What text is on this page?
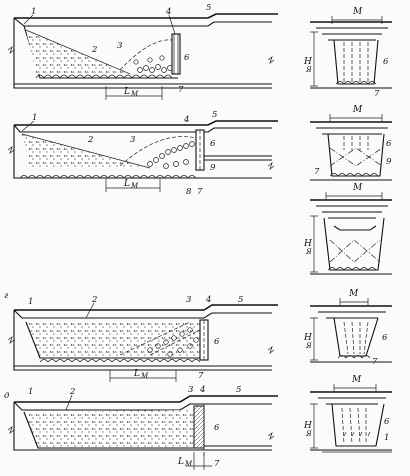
L M
1
2 3
4	5
6
7
L M
1
2	3
4	5
6
8 7
9
г
L M
1	2	3 4	5
6
7
д
L M
1	2	3 4	5
6
7
M
H
Я
6
7
M
7
6
9
M
H
Я
M
H
Я
6
7
M
H
Я
6
1
